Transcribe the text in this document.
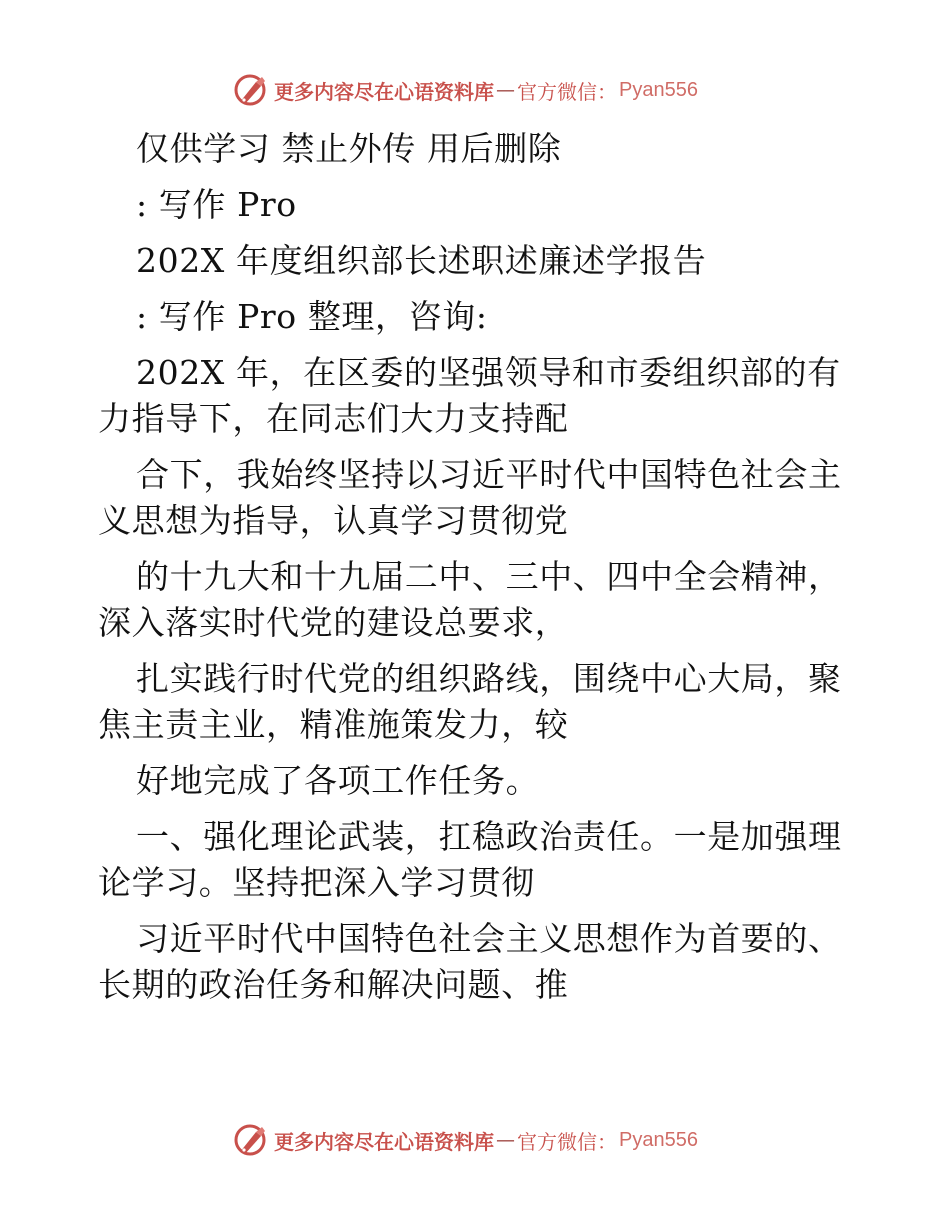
更多内容尽在心语资料库 — 官方微信： Pyan556
仅供学习 禁止外传 用后删除
: 写作 Pro
202X 年度组织部长述职述廉述学报告
: 写作 Pro 整理，咨询:
202X 年，在区委的坚强领导和市委组织部的有
力指导下，在同志们大力支持配
合下，我始终坚持以习近平时代中国特色社会主
义思想为指导，认真学习贯彻党
的十九大和十九届二中、三中、四中全会精神，
深入落实时代党的建设总要求，
扎实践行时代党的组织路线，围绕中心大局，聚
焦主责主业，精准施策发力，较
好地完成了各项工作任务。
一、强化理论武装，扛稳政治责任。一是加强理
论学习。坚持把深入学习贯彻
习近平时代中国特色社会主义思想作为首要的、
长期的政治任务和解决问题、推
更多内容尽在心语资料库 — 官方微信： Pyan556
